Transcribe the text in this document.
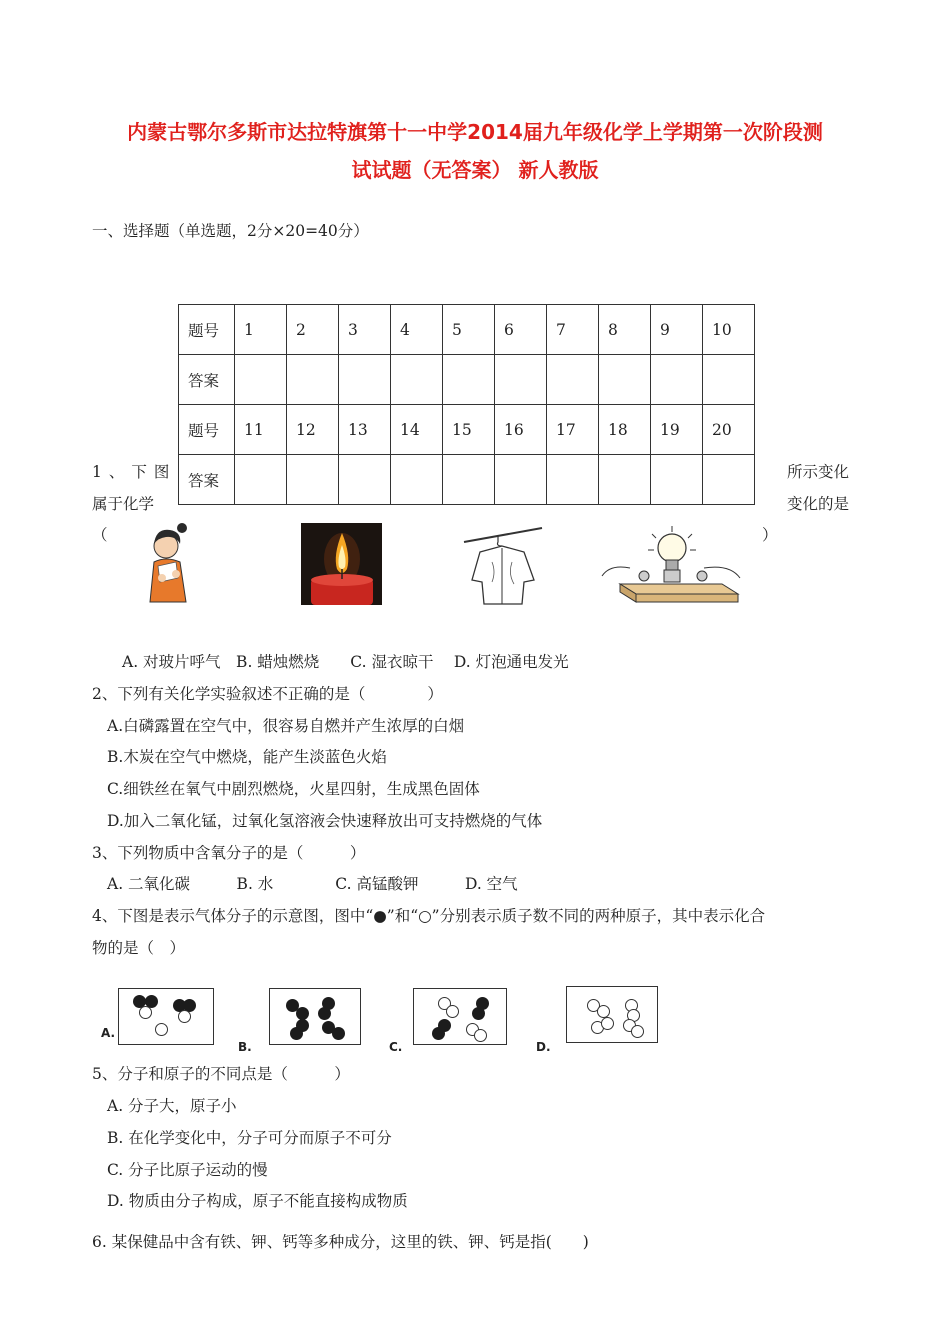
内蒙古鄂尔多斯市达拉特旗第十一中学2014届九年级化学上学期第一次阶段测
试试题（无答案） 新人教版
一、选择题（单选题，2分×20=40分）
题号	1	2	3	4	5	6	7	8	9	10
答案										
题号	11	12	13	14	15	16	17	18	19	20
答案										
1、下图
属于化学
（
所示变化
变化的是
）
A. 对玻片呼气　B. 蜡烛燃烧　　C. 湿衣晾干　 D. 灯泡通电发光
2、下列有关化学实验叙述不正确的是（　　　　）
A.白磷露置在空气中，很容易自燃并产生浓厚的白烟
B.木炭在空气中燃烧，能产生淡蓝色火焰
C.细铁丝在氧气中剧烈燃烧，火星四射，生成黑色固体
D.加入二氧化锰，过氧化氢溶液会快速释放出可支持燃烧的气体
3、下列物质中含氧分子的是（　　　）
A. 二氧化碳　　　B. 水　　　　C. 高锰酸钾　　　D. 空气
4、下图是表示气体分子的示意图，图中“●”和“○”分别表示质子数不同的两种原子，其中表示化合
物的是（　）
A.
B.	C.	D.
5、分子和原子的不同点是（　　　）
A. 分子大，原子小
B. 在化学变化中，分子可分而原子不可分
C. 分子比原子运动的慢
D. 物质由分子构成，原子不能直接构成物质
6. 某保健品中含有铁、钾、钙等多种成分，这里的铁、钾、钙是指(　　)
